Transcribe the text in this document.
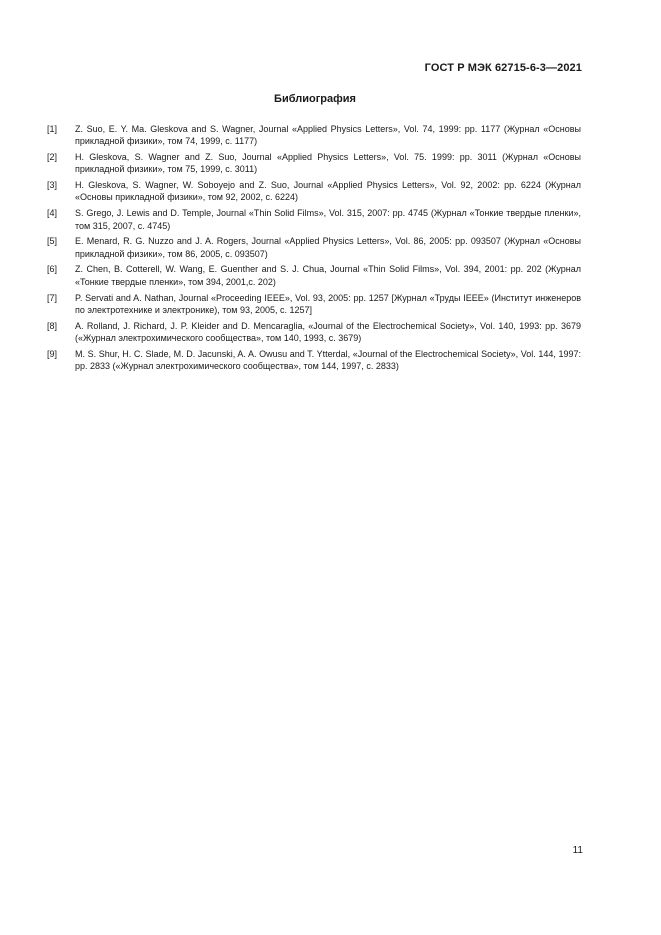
ГОСТ Р МЭК 62715-6-3—2021
Библиография
[1]	Z. Suo, E. Y. Ma. Gleskova and S. Wagner, Journal «Applied Physics Letters», Vol. 74, 1999: pp. 1177 (Журнал «Основы прикладной физики», том 74, 1999, с. 1177)
[2]	H. Gleskova, S. Wagner and Z. Suo, Journal «Applied Physics Letters», Vol. 75. 1999: pp. 3011 (Журнал «Основы прикладной физики», том 75, 1999, с. 3011)
[3]	H. Gleskova, S. Wagner, W. Soboyejo and Z. Suo, Journal «Applied Physics Letters», Vol. 92, 2002: pp. 6224 (Журнал «Основы прикладной физики», том 92, 2002, с. 6224)
[4]	S. Grego, J. Lewis and D. Temple, Journal «Thin Solid Films», Vol. 315, 2007: pp. 4745 (Журнал «Тонкие твердые пленки», том 315, 2007, с. 4745)
[5]	E. Menard, R. G. Nuzzo and J. A. Rogers, Journal «Applied Physics Letters», Vol. 86, 2005: pp. 093507 (Журнал «Основы прикладной физики», том 86, 2005, с. 093507)
[6]	Z. Chen, B. Cotterell, W. Wang, E. Guenther and S. J. Chua, Journal «Thin Solid Films», Vol. 394, 2001: pp. 202 (Журнал «Тонкие твердые пленки», том 394, 2001,с. 202)
[7]	P. Servati and A. Nathan, Journal «Proceeding IEEE», Vol. 93, 2005: pp. 1257 [Журнал «Труды IEEE» (Институт инженеров по электротехнике и электронике), том 93, 2005, с. 1257]
[8]	A. Rolland, J. Richard, J. P. Kleider and D. Mencaraglia, «Journal of the Electrochemical Society», Vol. 140, 1993: pp. 3679 («Журнал электрохимического сообщества», том 140, 1993, с. 3679)
[9]	M. S. Shur, H. C. Slade, M. D. Jacunski, A. A. Owusu and T. Ytterdal, «Journal of the Electrochemical Society», Vol. 144, 1997: pp. 2833 («Журнал электрохимического сообщества», том 144, 1997, с. 2833)
11
